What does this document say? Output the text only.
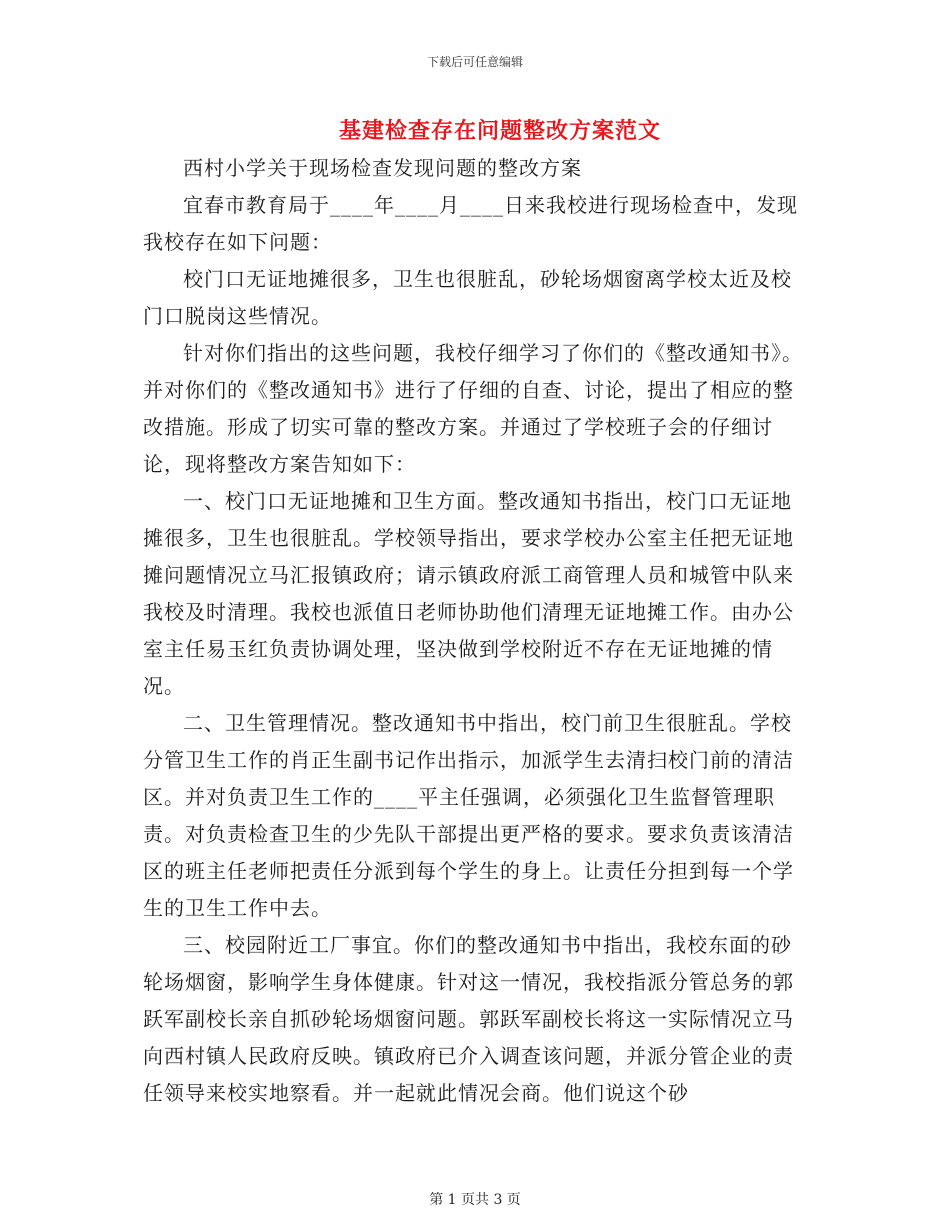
下载后可任意编辑
基建检查存在问题整改方案范文

西村小学关于现场检查发现问题的整改方案

宜春市教育局于____年____月____日来我校进行现场检查中，发现我校存在如下问题：

校门口无证地摊很多，卫生也很脏乱，砂轮场烟窗离学校太近及校门口脱岗这些情况。

针对你们指出的这些问题，我校仔细学习了你们的《整改通知书》。并对你们的《整改通知书》进行了仔细的自查、讨论，提出了相应的整改措施。形成了切实可靠的整改方案。并通过了学校班子会的仔细讨论，现将整改方案告知如下：

一、校门口无证地摊和卫生方面。整改通知书指出，校门口无证地摊很多，卫生也很脏乱。学校领导指出，要求学校办公室主任把无证地摊问题情况立马汇报镇政府；请示镇政府派工商管理人员和城管中队来我校及时清理。我校也派值日老师协助他们清理无证地摊工作。由办公室主任易玉红负责协调处理，坚决做到学校附近不存在无证地摊的情况。

二、卫生管理情况。整改通知书中指出，校门前卫生很脏乱。学校分管卫生工作的肖正生副书记作出指示，加派学生去清扫校门前的清洁区。并对负责卫生工作的____平主任强调，必须强化卫生监督管理职责。对负责检查卫生的少先队干部提出更严格的要求。要求负责该清洁区的班主任老师把责任分派到每个学生的身上。让责任分担到每一个学生的卫生工作中去。

三、校园附近工厂事宜。你们的整改通知书中指出，我校东面的砂轮场烟窗，影响学生身体健康。针对这一情况，我校指派分管总务的郭跃军副校长亲自抓砂轮场烟窗问题。郭跃军副校长将这一实际情况立马向西村镇人民政府反映。镇政府已介入调查该问题，并派分管企业的责任领导来校实地察看。并一起就此情况会商。他们说这个砂

第 1 页共 3 页
